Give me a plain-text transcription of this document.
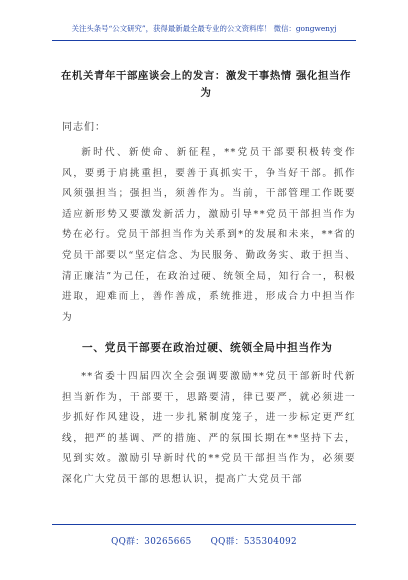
关注头条号“公文研究”，获得最新最全最专业的公文资料库！ 微信：gongwenyj
在机关青年干部座谈会上的发言：激发干事热情 强化担当作为
同志们：

新时代、新使命、新征程，**党员干部要积极转变作风，要勇于肩挑重担，要善于真抓实干，争当好干部。抓作风须强担当；强担当，须善作为。当前，干部管理工作既要适应新形势又要激发新活力，激励引导**党员干部担当作为势在必行。党员干部担当作为关系到*的发展和未来，**省的党员干部要以“坚定信念、为民服务、勤政务实、敢于担当、清正廉洁”为己任，在政治过硬、统领全局，知行合一，积极进取，迎难而上，善作善成，系统推进，形成合力中担当作为

一、党员干部要在政治过硬、统领全局中担当作为

**省委十四届四次全会强调要激励**党员干部新时代新担当新作为，干部要干，思路要清，律已要严，就必须进一步抓好作风建设，进一步扎紧制度笼子，进一步标定更严红线，把严的基调、严的措施、严的氛围长期在**坚持下去，见到实效。激励引导新时代的**党员干部担当作为，必须要深化广大党员干部的思想认识，提高广大党员干部

QQ群：30265665 QQ群：535304092
